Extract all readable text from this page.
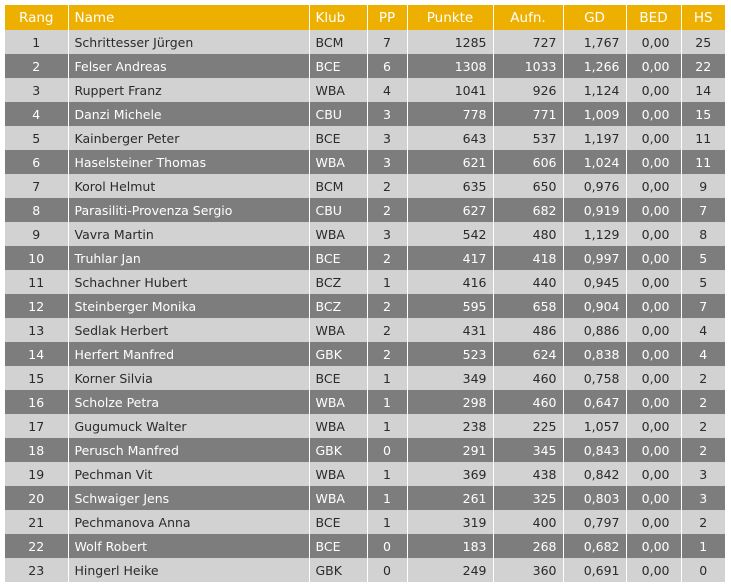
Rang	Name	Klub	PP	Punkte	Aufn.	GD	BED	HS
1	Schrittesser Jürgen	BCM	7	1285	727	1,767	0,00	25
2	Felser Andreas	BCE	6	1308	1033	1,266	0,00	22
3	Ruppert Franz	WBA	4	1041	926	1,124	0,00	14
4	Danzi Michele	CBU	3	778	771	1,009	0,00	15
5	Kainberger Peter	BCE	3	643	537	1,197	0,00	11
6	Haselsteiner Thomas	WBA	3	621	606	1,024	0,00	11
7	Korol Helmut	BCM	2	635	650	0,976	0,00	9
8	Parasiliti-Provenza Sergio	CBU	2	627	682	0,919	0,00	7
9	Vavra Martin	WBA	3	542	480	1,129	0,00	8
10	Truhlar Jan	BCE	2	417	418	0,997	0,00	5
11	Schachner Hubert	BCZ	1	416	440	0,945	0,00	5
12	Steinberger Monika	BCZ	2	595	658	0,904	0,00	7
13	Sedlak Herbert	WBA	2	431	486	0,886	0,00	4
14	Herfert Manfred	GBK	2	523	624	0,838	0,00	4
15	Korner Silvia	BCE	1	349	460	0,758	0,00	2
16	Scholze Petra	WBA	1	298	460	0,647	0,00	2
17	Gugumuck Walter	WBA	1	238	225	1,057	0,00	2
18	Perusch Manfred	GBK	0	291	345	0,843	0,00	2
19	Pechman Vit	WBA	1	369	438	0,842	0,00	3
20	Schwaiger Jens	WBA	1	261	325	0,803	0,00	3
21	Pechmanova Anna	BCE	1	319	400	0,797	0,00	2
22	Wolf Robert	BCE	0	183	268	0,682	0,00	1
23	Hingerl Heike	GBK	0	249	360	0,691	0,00	0
